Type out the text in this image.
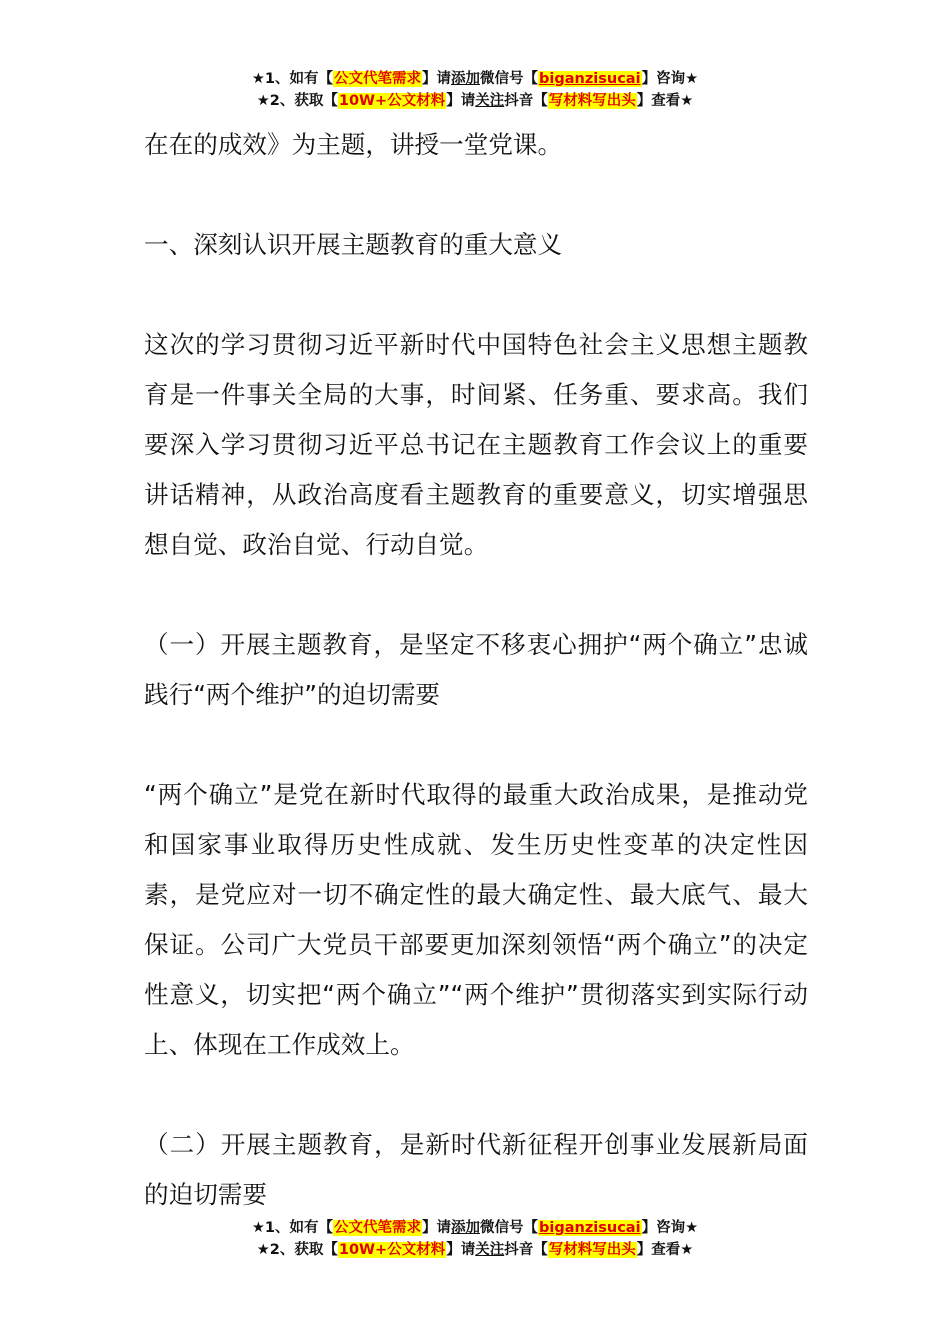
★1、如有【公文代笔需求】请添加微信号【biganzisucai】咨询★
★2、获取【10W+公文材料】请关注抖音【写材料写出头】查看★

在在的成效》为主题，讲授一堂党课。

一、深刻认识开展主题教育的重大意义

这次的学习贯彻习近平新时代中国特色社会主义思想主题教育是一件事关全局的大事，时间紧、任务重、要求高。我们要深入学习贯彻习近平总书记在主题教育工作会议上的重要讲话精神，从政治高度看主题教育的重要意义，切实增强思想自觉、政治自觉、行动自觉。

（一）开展主题教育，是坚定不移衷心拥护“两个确立”忠诚践行“两个维护”的迫切需要

“两个确立”是党在新时代取得的最重大政治成果，是推动党和国家事业取得历史性成就、发生历史性变革的决定性因素，是党应对一切不确定性的最大确定性、最大底气、最大保证。公司广大党员干部要更加深刻领悟“两个确立”的决定性意义，切实把“两个确立”“两个维护”贯彻落实到实际行动上、体现在工作成效上。

（二）开展主题教育，是新时代新征程开创事业发展新局面的迫切需要

★1、如有【公文代笔需求】请添加微信号【biganzisucai】咨询★
★2、获取【10W+公文材料】请关注抖音【写材料写出头】查看★
